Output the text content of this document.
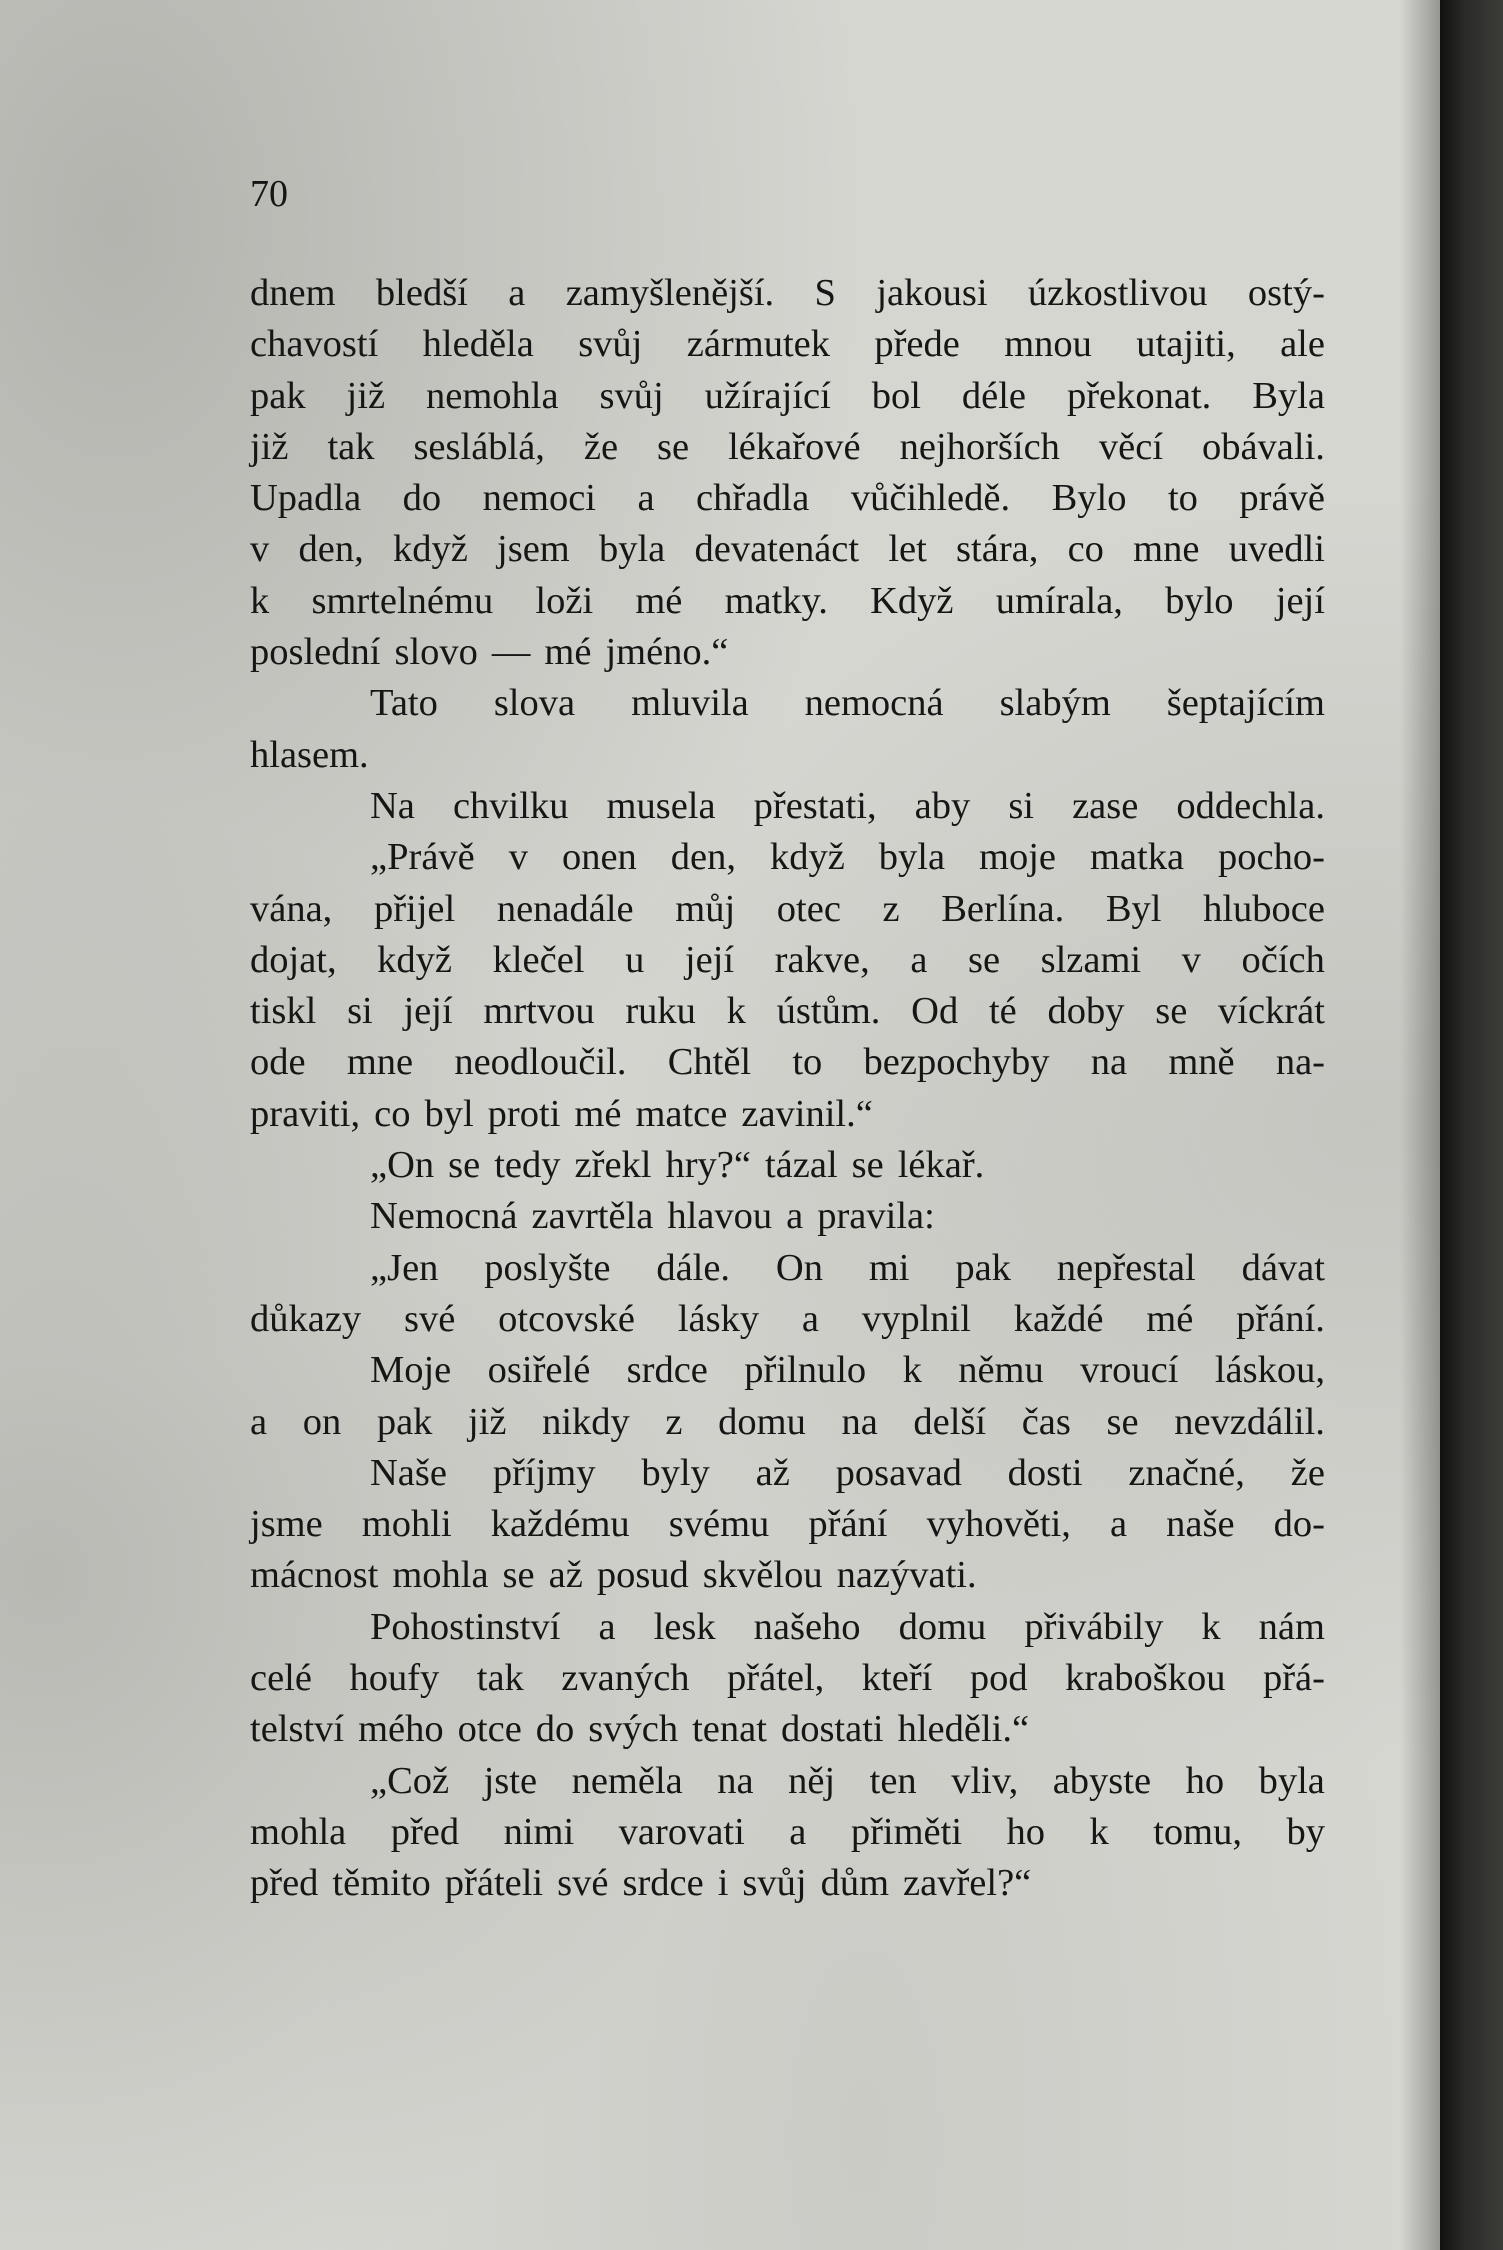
70
dnem bledší a zamyšlenější. S jakousi úzkostlivou ostý-
chavostí hleděla svůj zármutek přede mnou utajiti, ale
pak již nemohla svůj užírající bol déle překonat. Byla
již tak sesláblá, že se lékařové nejhorších věcí obávali.
Upadla do nemoci a chřadla vůčihledě. Bylo to právě
v den, když jsem byla devatenáct let stára, co mne uvedli
k smrtelnému loži mé matky. Když umírala, bylo její
poslední slovo — mé jméno.“
Tato slova mluvila nemocná slabým šeptajícím
hlasem.
Na chvilku musela přestati, aby si zase oddechla.
„Právě v onen den, když byla moje matka pocho-
vána, přijel nenadále můj otec z Berlína. Byl hluboce
dojat, když klečel u její rakve, a se slzami v očích
tiskl si její mrtvou ruku k ústům. Od té doby se víckrát
ode mne neodloučil. Chtěl to bezpochyby na mně na-
praviti, co byl proti mé matce zavinil.“
„On se tedy zřekl hry?“ tázal se lékař.
Nemocná zavrtěla hlavou a pravila:
„Jen poslyšte dále. On mi pak nepřestal dávat
důkazy své otcovské lásky a vyplnil každé mé přání.
Moje osiřelé srdce přilnulo k němu vroucí láskou,
a on pak již nikdy z domu na delší čas se nevzdálil.
Naše příjmy byly až posavad dosti značné, že
jsme mohli každému svému přání vyhověti, a naše do-
mácnost mohla se až posud skvělou nazývati.
Pohostinství a lesk našeho domu přivábily k nám
celé houfy tak zvaných přátel, kteří pod kraboškou přá-
telství mého otce do svých tenat dostati hleděli.“
„Což jste neměla na něj ten vliv, abyste ho byla
mohla před nimi varovati a přiměti ho k tomu, by
před těmito přáteli své srdce i svůj dům zavřel?“
